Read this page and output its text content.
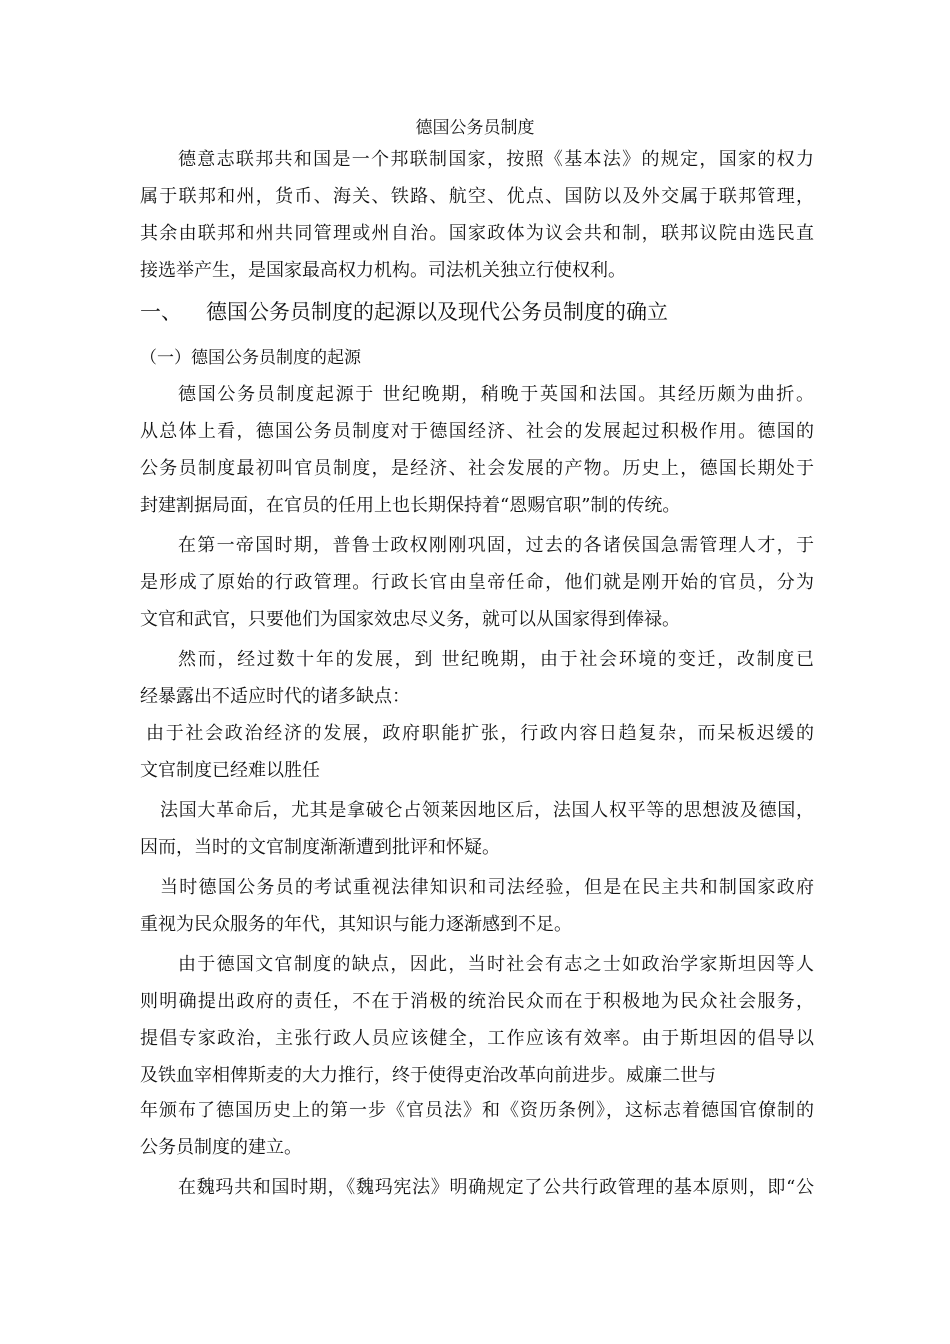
德国公务员制度
德意志联邦共和国是一个邦联制国家，按照《基本法》的规定，国家的权力
属于联邦和州，货币、海关、铁路、航空、优点、国防以及外交属于联邦管理，
其余由联邦和州共同管理或州自治。国家政体为议会共和制，联邦议院由选民直
接选举产生，是国家最高权力机构。司法机关独立行使权利。
一、 德国公务员制度的起源以及现代公务员制度的确立
（一）德国公务员制度的起源
德国公务员制度起源于 世纪晚期，稍晚于英国和法国。其经历颇为曲折。
从总体上看，德国公务员制度对于德国经济、社会的发展起过积极作用。德国的
公务员制度最初叫官员制度，是经济、社会发展的产物。历史上，德国长期处于
封建割据局面，在官员的任用上也长期保持着“恩赐官职”制的传统。
在第一帝国时期，普鲁士政权刚刚巩固，过去的各诸侯国急需管理人才，于
是形成了原始的行政管理。行政长官由皇帝任命，他们就是刚开始的官员，分为
文官和武官，只要他们为国家效忠尽义务，就可以从国家得到俸禄。
然而，经过数十年的发展，到 世纪晚期，由于社会环境的变迁，改制度已
经暴露出不适应时代的诸多缺点：
由于社会政治经济的发展，政府职能扩张，行政内容日趋复杂，而呆板迟缓的
文官制度已经难以胜任
法国大革命后，尤其是拿破仑占领莱因地区后，法国人权平等的思想波及德国，
因而，当时的文官制度渐渐遭到批评和怀疑。
当时德国公务员的考试重视法律知识和司法经验，但是在民主共和制国家政府
重视为民众服务的年代，其知识与能力逐渐感到不足。
由于德国文官制度的缺点，因此，当时社会有志之士如政治学家斯坦因等人
则明确提出政府的责任，不在于消极的统治民众而在于积极地为民众社会服务，
提倡专家政治，主张行政人员应该健全，工作应该有效率。由于斯坦因的倡导以
及铁血宰相俾斯麦的大力推行，终于使得吏治改革向前进步。威廉二世与
年颁布了德国历史上的第一步《官员法》和《资历条例》，这标志着德国官僚制的
公务员制度的建立。
在魏玛共和国时期，《魏玛宪法》明确规定了公共行政管理的基本原则，即“公
